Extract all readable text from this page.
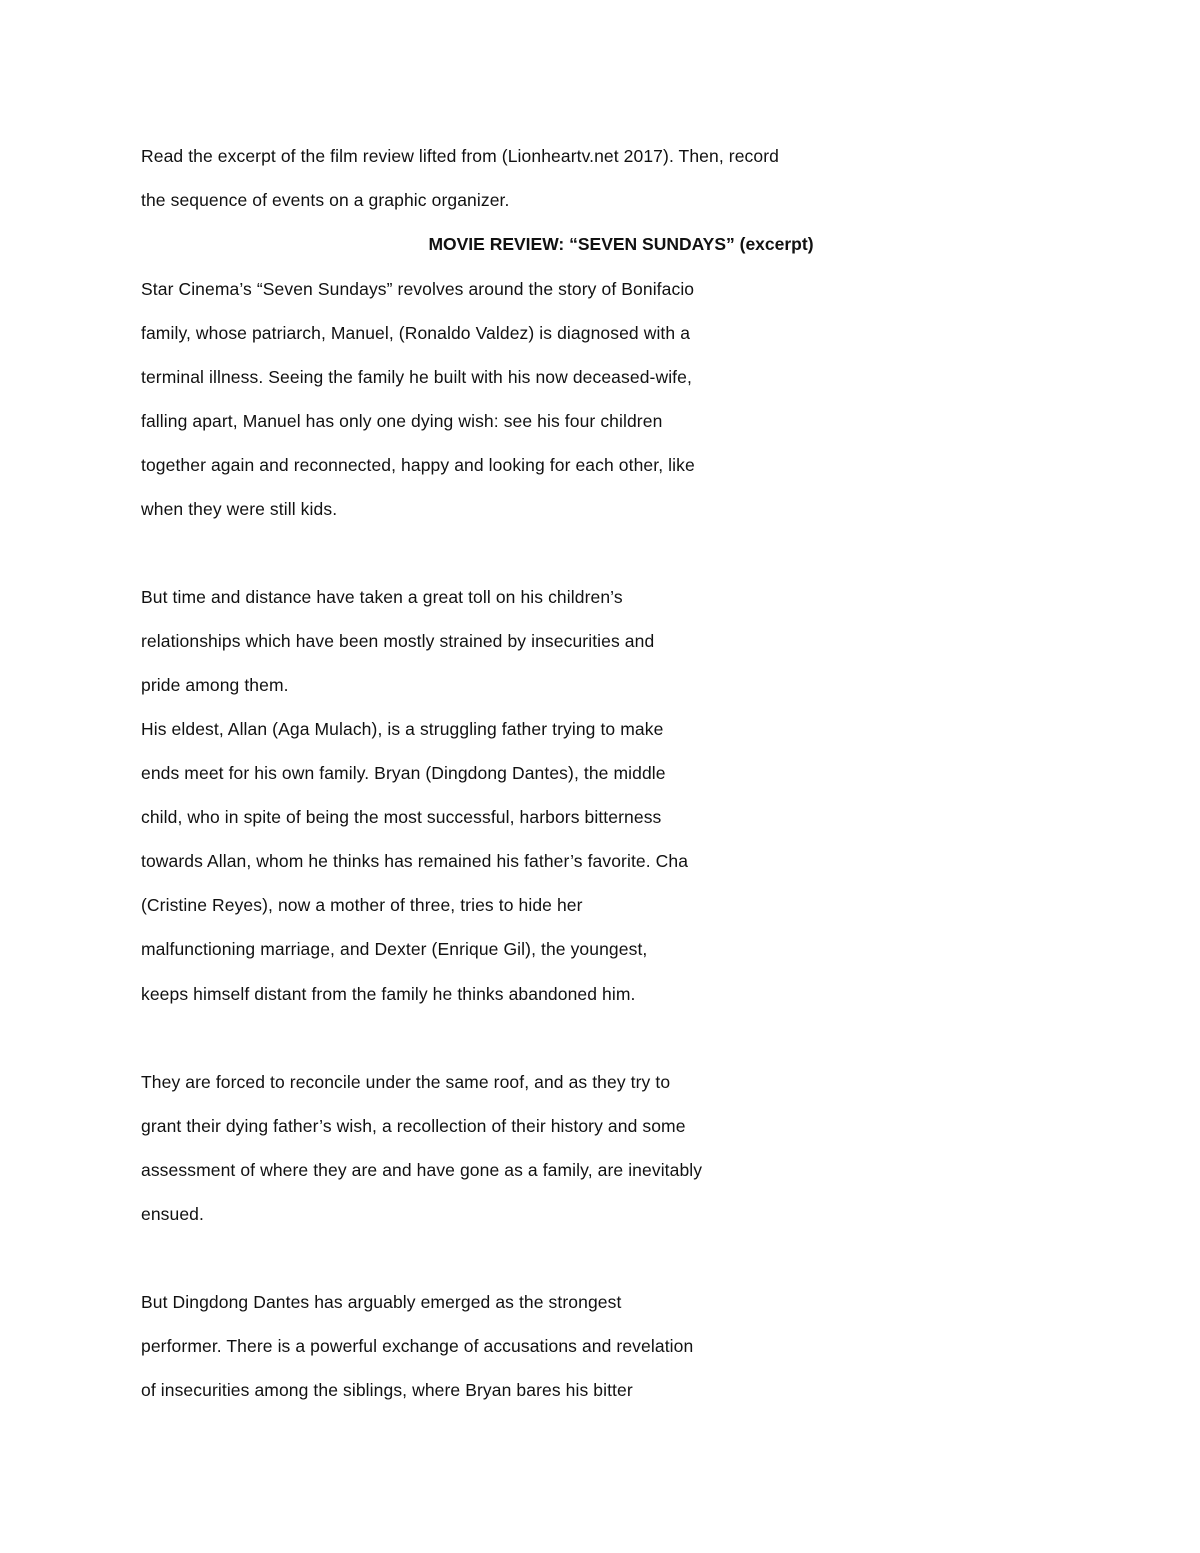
Read the excerpt of the film review lifted from (Lionheartv.net 2017). Then, record
the sequence of events on a graphic organizer.
MOVIE REVIEW: “SEVEN SUNDAYS” (excerpt)
Star Cinema’s “Seven Sundays” revolves around the story of Bonifacio
family, whose patriarch, Manuel, (Ronaldo Valdez) is diagnosed with a
terminal illness. Seeing the family he built with his now deceased-wife,
falling apart, Manuel has only one dying wish: see his four children
together again and reconnected, happy and looking for each other, like
when they were still kids.
But time and distance have taken a great toll on his children’s
relationships which have been mostly strained by insecurities and
pride among them.
His eldest, Allan (Aga Mulach), is a struggling father trying to make
ends meet for his own family. Bryan (Dingdong Dantes), the middle
child, who in spite of being the most successful, harbors bitterness
towards Allan, whom he thinks has remained his father’s favorite. Cha
(Cristine Reyes), now a mother of three, tries to hide her
malfunctioning marriage, and Dexter (Enrique Gil), the youngest,
keeps himself distant from the family he thinks abandoned him.
They are forced to reconcile under the same roof, and as they try to
grant their dying father’s wish, a recollection of their history and some
assessment of where they are and have gone as a family, are inevitably
ensued.
But Dingdong Dantes has arguably emerged as the strongest
performer. There is a powerful exchange of accusations and revelation
of insecurities among the siblings, where Bryan bares his bitter
